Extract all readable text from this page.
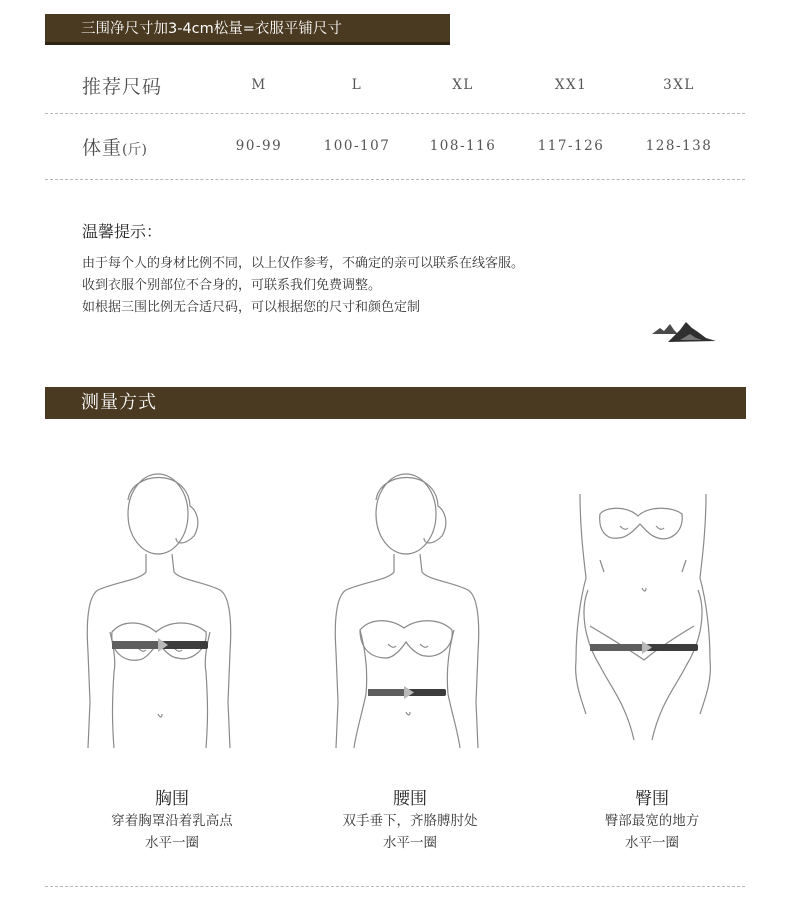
三围净尺寸加3-4cm松量=衣服平铺尺寸
推荐尺码	M	L	XL	XX1	3XL
体重(斤)	90-99	100-107	108-116	117-126	128-138
温馨提示：
由于每个人的身材比例不同，以上仅作参考，不确定的亲可以联系在线客服。
收到衣服个别部位不合身的，可联系我们免费调整。
如根据三围比例无合适尺码，可以根据您的尺寸和颜色定制
测量方式
胸围
穿着胸罩沿着乳高点
水平一圈
腰围
双手垂下，齐胳膊肘处
水平一圈
臀围
臀部最宽的地方
水平一圈
